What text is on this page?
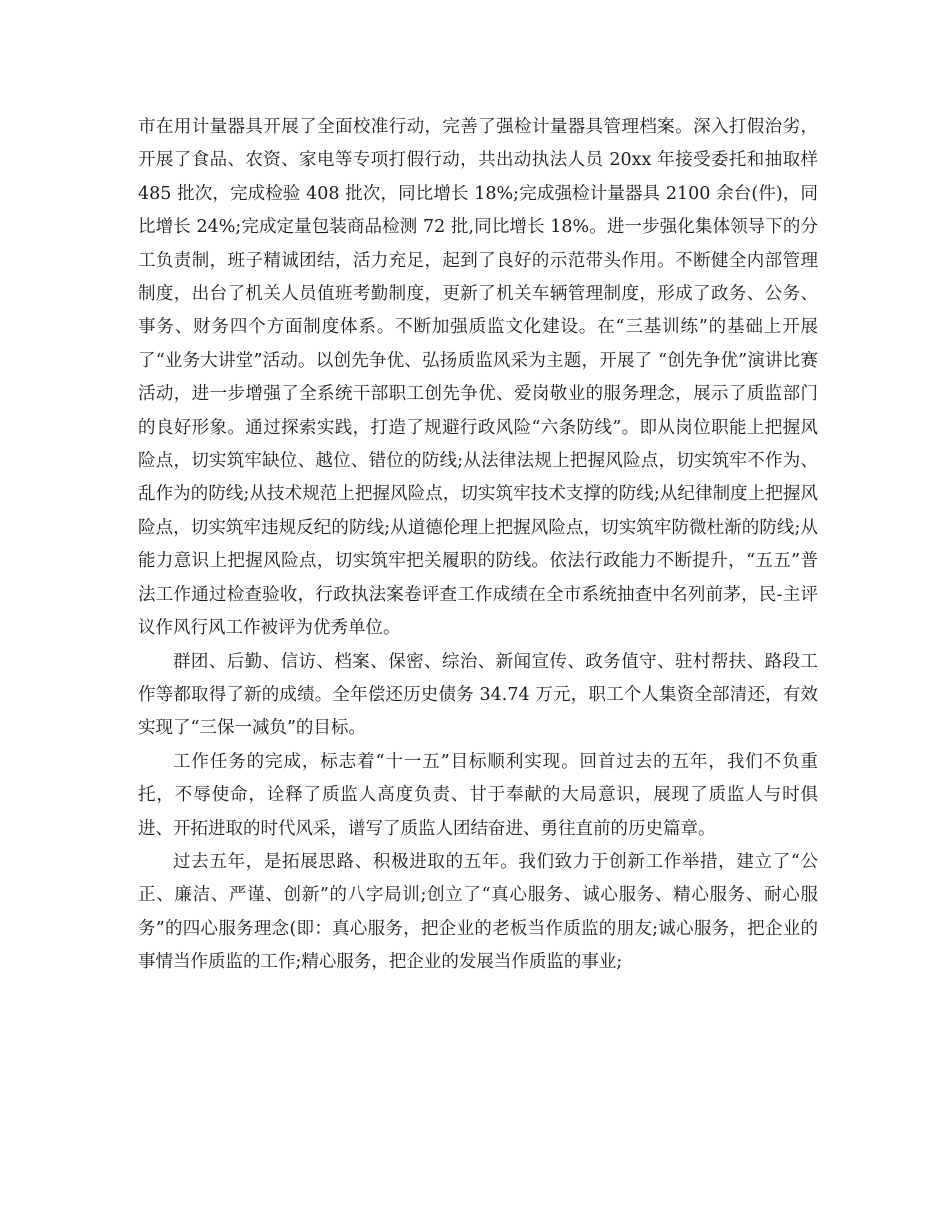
市在用计量器具开展了全面校准行动，完善了强检计量器具管理档案。深入打假治劣，开展了食品、农资、家电等专项打假行动，共出动执法人员 20xx 年接受委托和抽取样 485 批次，完成检验 408 批次，同比增长 18%;完成强检计量器具 2100 余台(件)，同比增长 24%;完成定量包装商品检测 72 批,同比增长 18%。进一步强化集体领导下的分工负责制，班子精诚团结，活力充足，起到了良好的示范带头作用。不断健全内部管理制度，出台了机关人员值班考勤制度，更新了机关车辆管理制度，形成了政务、公务、事务、财务四个方面制度体系。不断加强质监文化建设。在“三基训练”的基础上开展了“业务大讲堂”活动。以创先争优、弘扬质监风采为主题，开展了 “创先争优”演讲比赛活动，进一步增强了全系统干部职工创先争优、爱岗敬业的服务理念，展示了质监部门的良好形象。通过探索实践，打造了规避行政风险“六条防线”。即从岗位职能上把握风险点，切实筑牢缺位、越位、错位的防线;从法律法规上把握风险点，切实筑牢不作为、乱作为的防线;从技术规范上把握风险点，切实筑牢技术支撑的防线;从纪律制度上把握风险点，切实筑牢违规反纪的防线;从道德伦理上把握风险点，切实筑牢防微杜渐的防线;从能力意识上把握风险点，切实筑牢把关履职的防线。依法行政能力不断提升，“五五”普法工作通过检查验收，行政执法案卷评查工作成绩在全市系统抽查中名列前茅，民-主评议作风行风工作被评为优秀单位。

群团、后勤、信访、档案、保密、综治、新闻宣传、政务值守、驻村帮扶、路段工作等都取得了新的成绩。全年偿还历史债务 34.74 万元，职工个人集资全部清还，有效实现了“三保一减负”的目标。

工作任务的完成，标志着“十一五”目标顺利实现。回首过去的五年，我们不负重托，不辱使命，诠释了质监人高度负责、甘于奉献的大局意识，展现了质监人与时俱进、开拓进取的时代风采，谱写了质监人团结奋进、勇往直前的历史篇章。

过去五年，是拓展思路、积极进取的五年。我们致力于创新工作举措，建立了“公正、廉洁、严谨、创新”的八字局训;创立了“真心服务、诚心服务、精心服务、耐心服务”的四心服务理念(即：真心服务，把企业的老板当作质监的朋友;诚心服务，把企业的事情当作质监的工作;精心服务，把企业的发展当作质监的事业;
